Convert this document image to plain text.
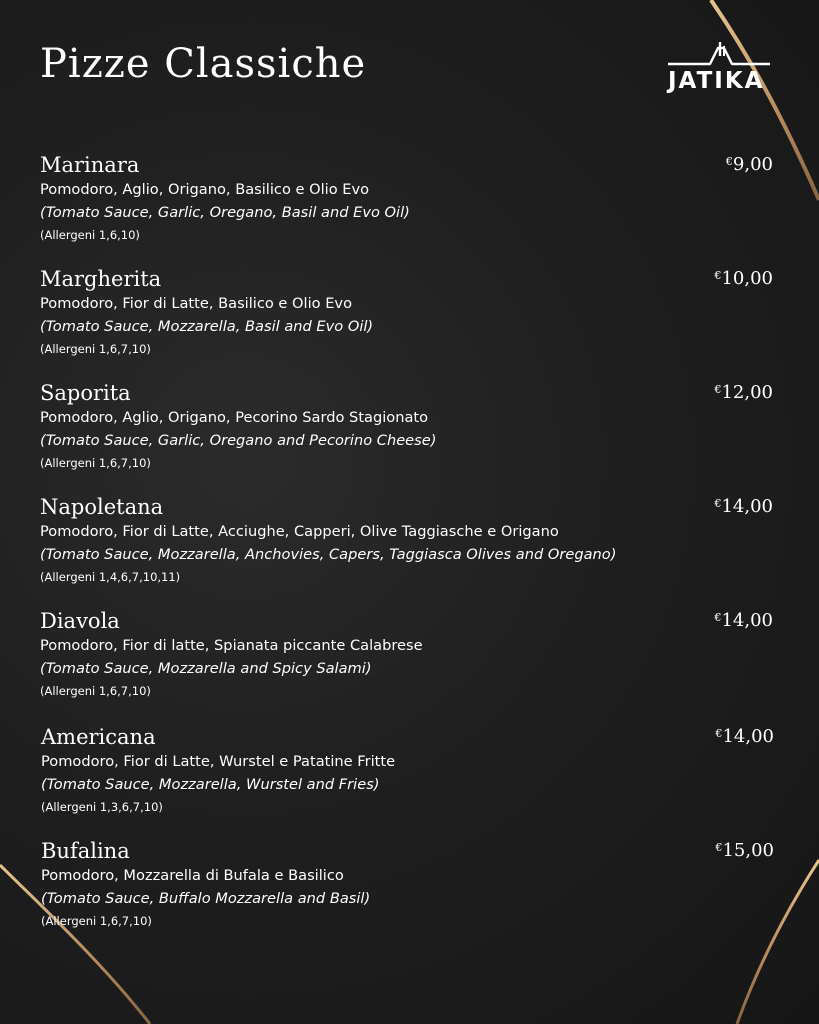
Pizze Classiche	JATIKA
Marinara	€9,00
Pomodoro, Aglio, Origano, Basilico e Olio Evo
(Tomato Sauce, Garlic, Oregano, Basil and Evo Oil)
(Allergeni 1,6,10)
Margherita	€10,00
Pomodoro, Fior di Latte, Basilico e Olio Evo
(Tomato Sauce, Mozzarella, Basil and Evo Oil)
(Allergeni 1,6,7,10)
Saporita	€12,00
Pomodoro, Aglio, Origano, Pecorino Sardo Stagionato
(Tomato Sauce, Garlic, Oregano and Pecorino Cheese)
(Allergeni 1,6,7,10)
Napoletana	€14,00
Pomodoro, Fior di Latte, Acciughe, Capperi, Olive Taggiasche e Origano
(Tomato Sauce, Mozzarella, Anchovies, Capers, Taggiasca Olives and Oregano)
(Allergeni 1,4,6,7,10,11)
Diavola	€14,00
Pomodoro, Fior di latte, Spianata piccante Calabrese
(Tomato Sauce, Mozzarella and Spicy Salami)
(Allergeni 1,6,7,10)
Americana	€14,00
Pomodoro, Fior di Latte, Wurstel e Patatine Fritte
(Tomato Sauce, Mozzarella, Wurstel and Fries)
(Allergeni 1,3,6,7,10)
Bufalina	€15,00
Pomodoro, Mozzarella di Bufala e Basilico
(Tomato Sauce, Buffalo Mozzarella and Basil)
(Allergeni 1,6,7,10)
